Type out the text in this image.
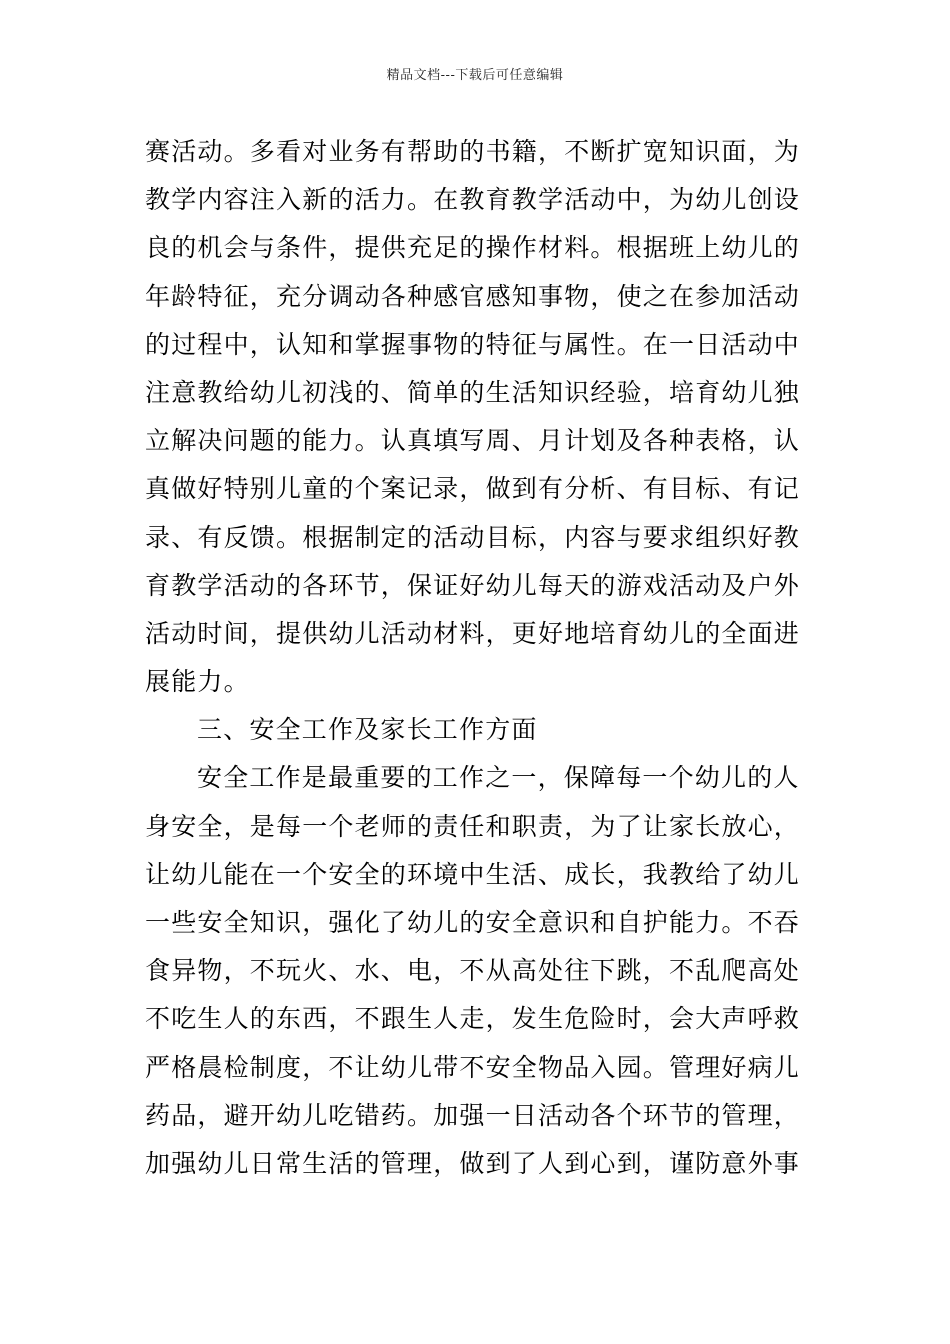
精品文档---下载后可任意编辑
赛活动。多看对业务有帮助的书籍，不断扩宽知识面，为
教学内容注入新的活力。在教育教学活动中，为幼儿创设
良的机会与条件，提供充足的操作材料。根据班上幼儿的
年龄特征，充分调动各种感官感知事物，使之在参加活动
的过程中，认知和掌握事物的特征与属性。在一日活动中
注意教给幼儿初浅的、简单的生活知识经验，培育幼儿独
立解决问题的能力。认真填写周、月计划及各种表格，认
真做好特别儿童的个案记录，做到有分析、有目标、有记
录、有反馈。根据制定的活动目标，内容与要求组织好教
育教学活动的各环节，保证好幼儿每天的游戏活动及户外
活动时间，提供幼儿活动材料，更好地培育幼儿的全面进
展能力。
三、安全工作及家长工作方面
安全工作是最重要的工作之一，保障每一个幼儿的人
身安全，是每一个老师的责任和职责，为了让家长放心，
让幼儿能在一个安全的环境中生活、成长，我教给了幼儿
一些安全知识，强化了幼儿的安全意识和自护能力。不吞
食异物，不玩火、水、电，不从高处往下跳，不乱爬高处
不吃生人的东西，不跟生人走，发生危险时，会大声呼救
严格晨检制度，不让幼儿带不安全物品入园。管理好病儿
药品，避开幼儿吃错药。加强一日活动各个环节的管理，
加强幼儿日常生活的管理，做到了人到心到，谨防意外事
